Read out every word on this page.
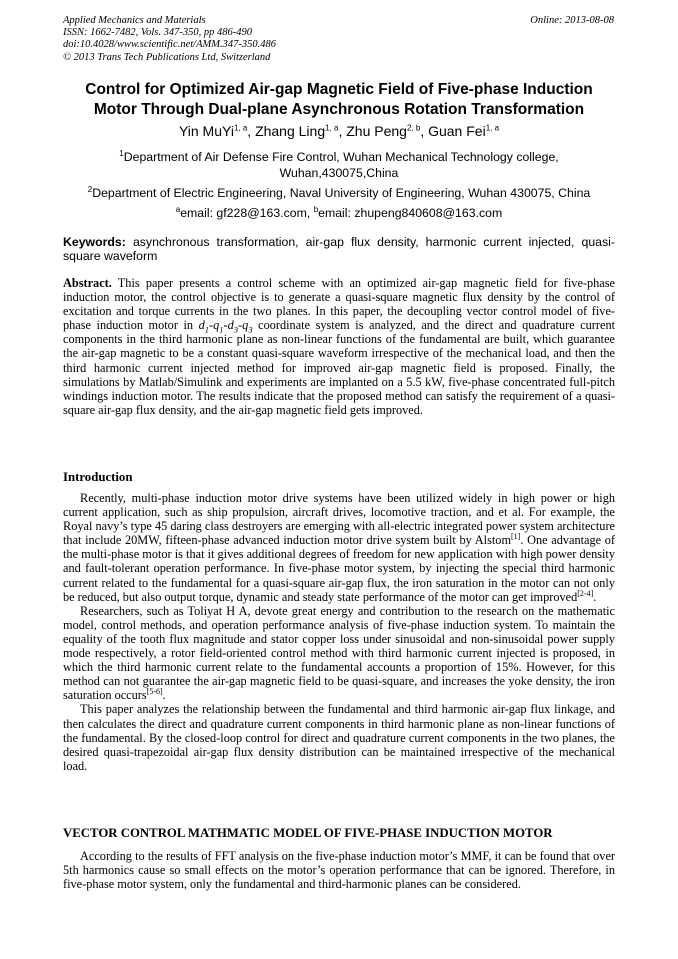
Applied Mechanics and Materials
ISSN: 1662-7482, Vols. 347-350, pp 486-490
doi:10.4028/www.scientific.net/AMM.347-350.486
© 2013 Trans Tech Publications Ltd, Switzerland
Online: 2013-08-08
Control for Optimized Air-gap Magnetic Field of Five-phase Induction
Motor Through Dual-plane Asynchronous Rotation Transformation
Yin MuYi$^{1, a}$, Zhang Ling$^{1, a}$, Zhu Peng$^{2, b}$, Guan Fei$^{1, a}$
$^1$Department of Air Defense Fire Control, Wuhan Mechanical Technology college,
Wuhan,430075,China
$^2$Department of Electric Engineering, Naval University of Engineering, Wuhan 430075, China
$^a$email: gf228@163.com, $^b$email: zhupeng840608@163.com
Keywords: asynchronous transformation, air-gap flux density, harmonic current injected, quasi-square waveform
Abstract. This paper presents a control scheme with an optimized air-gap magnetic field for five-phase induction motor, the control objective is to generate a quasi-square magnetic flux density by the control of excitation and torque currents in the two planes. In this paper, the decoupling vector control model of five-phase induction motor in $d_1-q_1-d_3-q_3$ coordinate system is analyzed, and the direct and quadrature current components in the third harmonic plane as non-linear functions of the fundamental are built, which guarantee the air-gap magnetic to be a constant quasi-square waveform irrespective of the mechanical load, and then the third harmonic current injected method for improved air-gap magnetic field is proposed. Finally, the simulations by Matlab/Simulink and experiments are implanted on a 5.5 kW, five-phase concentrated full-pitch windings induction motor. The results indicate that the proposed method can satisfy the requirement of a quasi-square air-gap flux density, and the air-gap magnetic field gets improved.
Introduction

Recently, multi-phase induction motor drive systems have been utilized widely in high power or high current application, such as ship propulsion, aircraft drives, locomotive traction, and et al. For example, the Royal navy’s type 45 daring class destroyers are emerging with all-electric integrated power system architecture that include 20MW, fifteen-phase advanced induction motor drive system built by Alstom[1]. One advantage of the multi-phase motor is that it gives additional degrees of freedom for new application with high power density and fault-tolerant operation performance. In five-phase motor system, by injecting the special third harmonic current related to the fundamental for a quasi-square air-gap flux, the iron saturation in the motor can not only be reduced, but also output torque, dynamic and steady state performance of the motor can get improved[2-4].

Researchers, such as Toliyat H A, devote great energy and contribution to the research on the mathematic model, control methods, and operation performance analysis of five-phase induction system. To maintain the equality of the tooth flux magnitude and stator copper loss under sinusoidal and non-sinusoidal power supply mode respectively, a rotor field-oriented control method with third harmonic current injected is proposed, in which the third harmonic current relate to the fundamental accounts a proportion of 15%. However, for this method can not guarantee the air-gap magnetic field to be quasi-square, and increases the yoke density, the iron saturation occurs[5-6].

This paper analyzes the relationship between the fundamental and third harmonic air-gap flux linkage, and then calculates the direct and quadrature current components in third harmonic plane as non-linear functions of the fundamental. By the closed-loop control for direct and quadrature current components in the two planes, the desired quasi-trapezoidal air-gap flux density distribution can be maintained irrespective of the mechanical load.

VECTOR CONTROL MATHMATIC MODEL OF FIVE-PHASE INDUCTION MOTOR

According to the results of FFT analysis on the five-phase induction motor’s MMF, it can be found that over 5th harmonics cause so small effects on the motor’s operation performance that can be ignored. Therefore, in five-phase motor system, only the fundamental and third-harmonic planes can be considered.
